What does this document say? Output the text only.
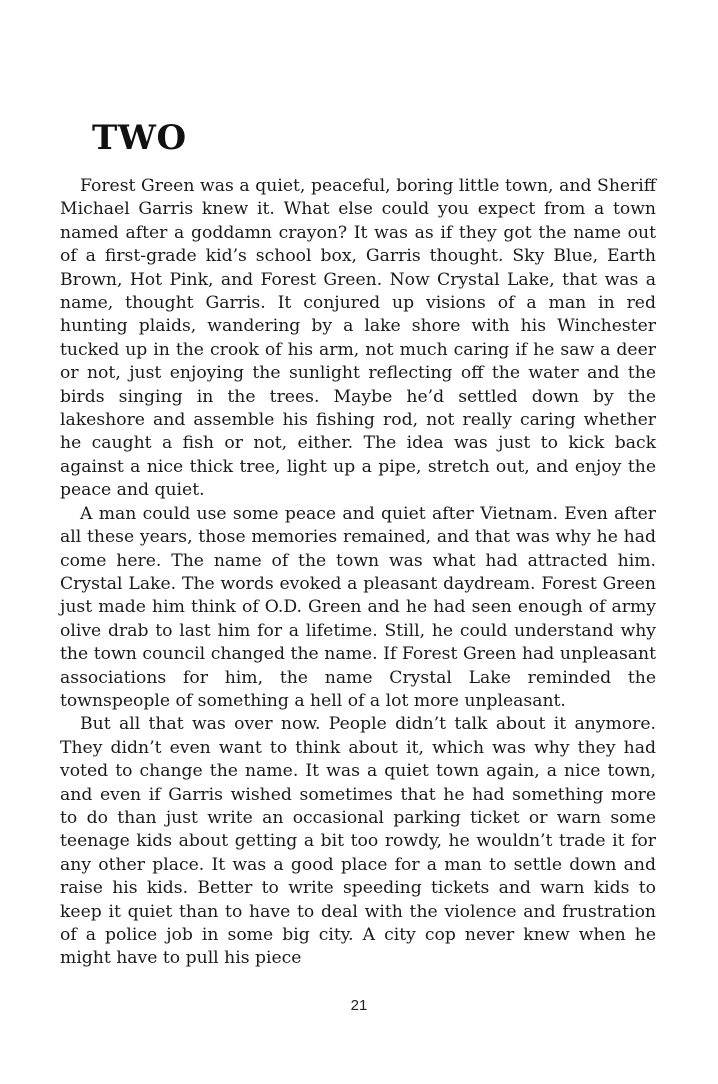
TWO

Forest Green was a quiet, peaceful, boring little town, and Sheriff Michael Garris knew it. What else could you expect from a town named after a goddamn crayon? It was as if they got the name out of a first-grade kid’s school box, Garris thought. Sky Blue, Earth Brown, Hot Pink, and Forest Green. Now Crystal Lake, that was a name, thought Garris. It conjured up visions of a man in red hunting plaids, wandering by a lake shore with his Winchester tucked up in the crook of his arm, not much caring if he saw a deer or not, just enjoying the sunlight reflecting off the water and the birds singing in the trees. Maybe he’d settled down by the lakeshore and assemble his fishing rod, not really caring whether he caught a fish or not, either. The idea was just to kick back against a nice thick tree, light up a pipe, stretch out, and enjoy the peace and quiet.

A man could use some peace and quiet after Vietnam. Even after all these years, those memories remained, and that was why he had come here. The name of the town was what had attracted him. Crystal Lake. The words evoked a pleasant daydream. Forest Green just made him think of O.D. Green and he had seen enough of army olive drab to last him for a lifetime. Still, he could understand why the town council changed the name. If Forest Green had unpleasant associations for him, the name Crystal Lake reminded the townspeople of something a hell of a lot more unpleasant.

But all that was over now. People didn’t talk about it anymore. They didn’t even want to think about it, which was why they had voted to change the name. It was a quiet town again, a nice town, and even if Garris wished sometimes that he had something more to do than just write an occasional parking ticket or warn some teenage kids about getting a bit too rowdy, he wouldn’t trade it for any other place. It was a good place for a man to settle down and raise his kids. Better to write speeding tickets and warn kids to keep it quiet than to have to deal with the violence and frustration of a police job in some big city. A city cop never knew when he might have to pull his piece

21
